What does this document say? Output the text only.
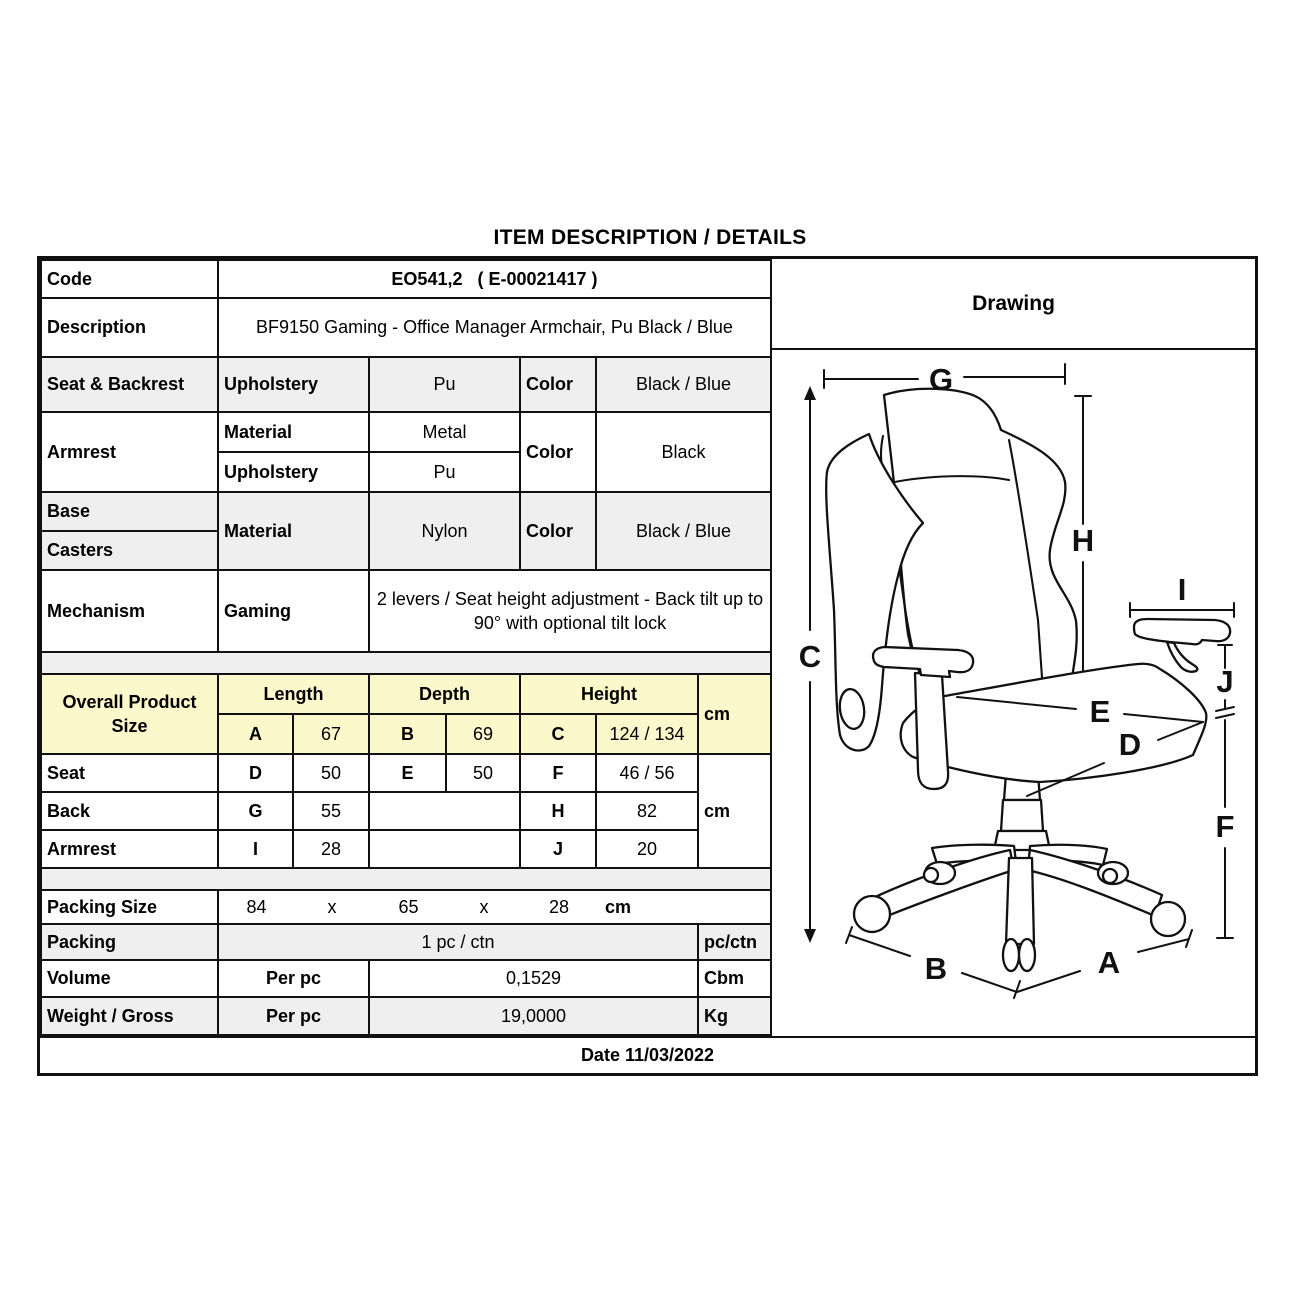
ITEM DESCRIPTION / DETAILS
Code	EO541,2   ( E-00021417 )						
Description	BF9150 Gaming - Office Manager Armchair, Pu Black / Blue						
Seat & Backrest	Upholstery		Pu		Color	Black / Blue	
Armrest	Material		Metal		Color	Black	
	Upholstery		Pu				
Base	Material		Nylon		Color	Black / Blue	
Casters							
Mechanism	Gaming		2 levers / Seat height adjustment - Back tilt up to 90° with optional tilt lock				

Overall Product Size	Length		Depth		Height		cm
	A	67	B	69	C	124 / 134	
Seat	D	50	E	50	F	46 / 56	cm
Back	G	55			H	82	
Armrest	I	28			J	20	

Packing Size	84	x	65	x	28	cm

Packing	1 pc / ctn						pc/ctn
Volume	Per pc		0,1529				Cbm
Weight / Gross	Per pc		19,0000				Kg
Drawing
G
C
H
I
J
F
E
D
B	A
Date 11/03/2022
